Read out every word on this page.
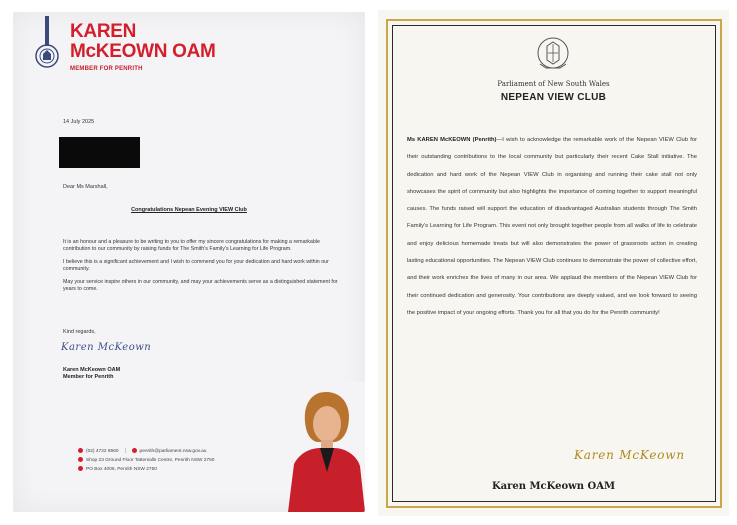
KAREN
McKEOWN OAM
MEMBER FOR PENRITH
14 July 2025
Dear Ms Marshall,
Congratulations Nepean Evening VIEW Club

It is an honour and a pleasure to be writing to you to offer my sincere congratulations for making a remarkable contribution to our community by raising funds for The Smith's Family's Learning for Life Program.

I believe this is a significant achievement and I wish to commend you for your dedication and hard work within our community.

May your service inspire others in our community, and may your achievements serve as a distinguished statement for years to come.

Kind regards,
Karen McKeown
Karen McKeown OAM
Member for Penrith
(02) 4722 8660	penrith@parliament.nsw.gov.au
Shop 23 Ground Floor Tattersalls Centre, Penrith NSW 2750
PO Box 4006, Penrith NSW 2750
Parliament of New South Wales
NEPEAN VIEW CLUB
Ms KAREN McKEOWN (Penrith)—I wish to acknowledge the remarkable work of the Nepean VIEW Club for their outstanding contributions to the local community but particularly their recent Cake Stall initiative. The dedication and hard work of the Nepean VIEW Club in organising and running their cake stall not only showcases the spirit of community but also highlights the importance of coming together to support meaningful causes. The funds raised will support the education of disadvantaged Australian students through The Smith Family's Learning for Life Program. This event not only brought together people from all walks of life to celebrate and enjoy delicious homemade treats but will also demonstrates the power of grassroots action in creating lasting educational opportunities. The Nepean VIEW Club continues to demonstrate the power of collective effort, and their work enriches the lives of many in our area. We applaud the members of the Nepean VIEW Club for their continued dedication and generosity. Your contributions are deeply valued, and we look forward to seeing the positive impact of your ongoing efforts. Thank you for all that you do for the Penrith community!
Karen McKeown
Karen McKeown OAM
